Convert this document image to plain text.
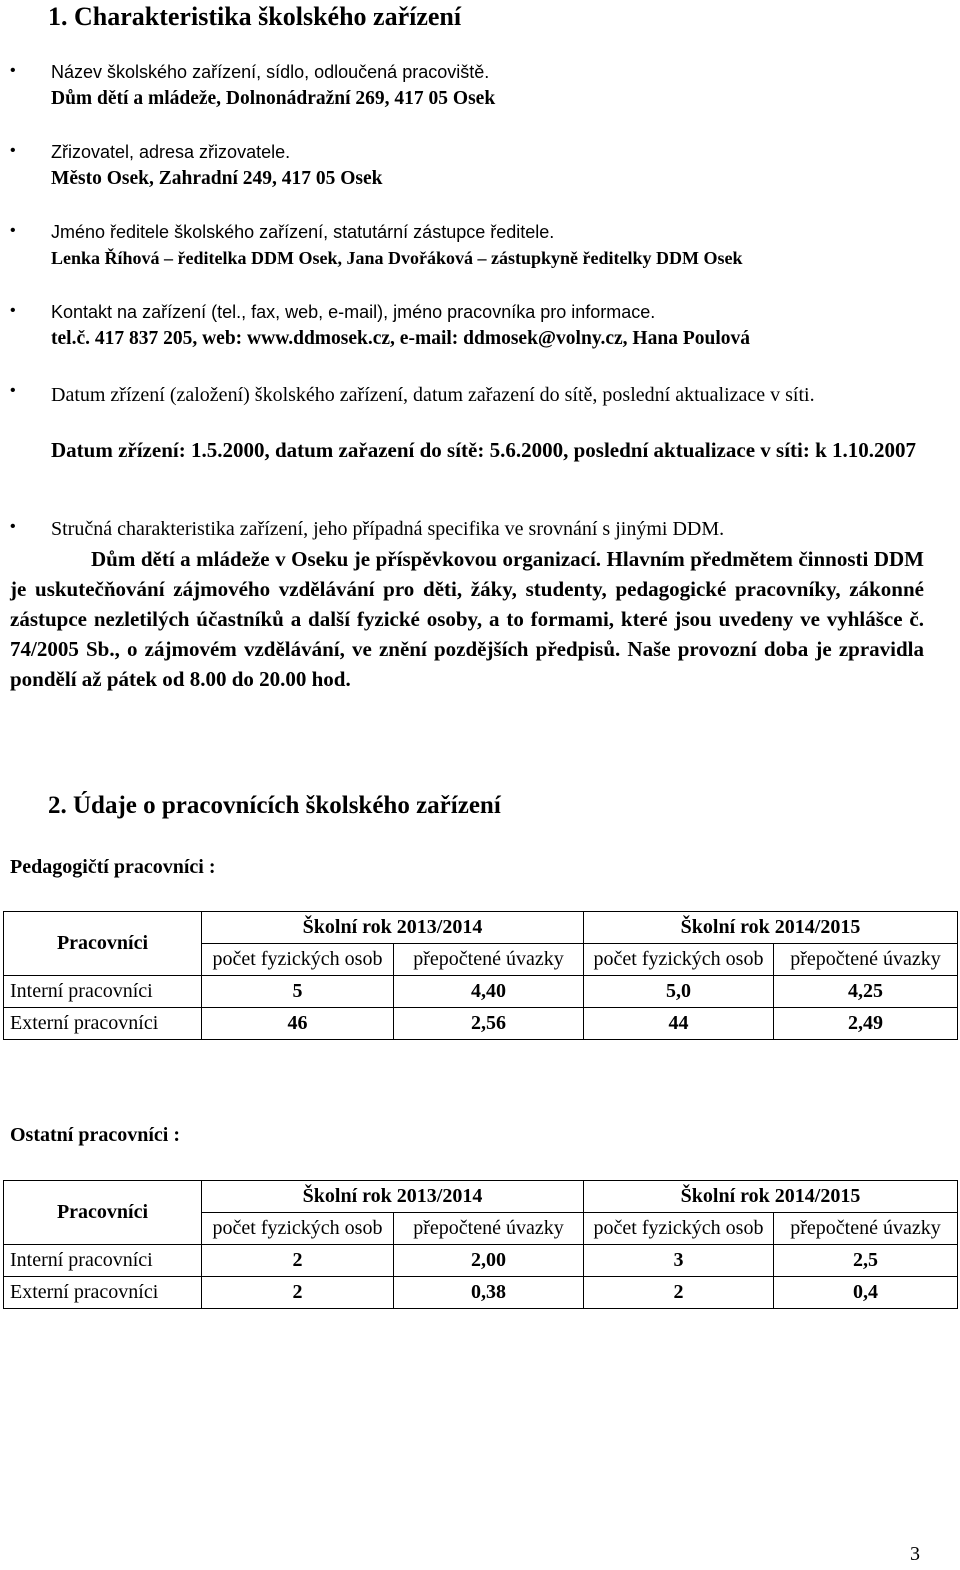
1. Charakteristika školského zařízení
• Název školského zařízení, sídlo, odloučená pracoviště.
Dům dětí a mládeže, Dolnonádražní 269, 417 05 Osek
• Zřizovatel, adresa zřizovatele.
Město Osek, Zahradní 249, 417 05 Osek
• Jméno ředitele školského zařízení, statutární zástupce ředitele.
Lenka Říhová – ředitelka DDM Osek, Jana Dvořáková – zástupkyně ředitelky DDM Osek
• Kontakt na zařízení (tel., fax, web, e-mail), jméno pracovníka pro informace.
tel.č. 417 837 205, web: www.ddmosek.cz, e-mail: ddmosek@volny.cz, Hana Poulová
• Datum zřízení (založení) školského zařízení, datum zařazení do sítě, poslední aktualizace v síti.
Datum zřízení: 1.5.2000, datum zařazení do sítě: 5.6.2000, poslední aktualizace v síti: k 1.10.2007
• Stručná charakteristika zařízení, jeho případná specifika ve srovnání s jinými DDM.
Dům dětí a mládeže v Oseku je příspěvkovou organizací. Hlavním předmětem činnosti DDM je uskutečňování zájmového vzdělávání pro děti, žáky, studenty, pedagogické pracovníky, zákonné zástupce nezletilých účastníků a další fyzické osoby, a to formami, které jsou uvedeny ve vyhlášce č. 74/2005 Sb., o zájmovém vzdělávání, ve znění pozdějších předpisů. Naše provozní doba je zpravidla pondělí až pátek od 8.00 do 20.00 hod.
2. Údaje o pracovnících školského zařízení
Pedagogičtí pracovníci :
Pracovníci	Školní rok 2013/2014		Školní rok 2014/2015	
	počet fyzických osob	přepočtené úvazky	počet fyzických osob	přepočtené úvazky
Interní pracovníci	5	4,40	5,0	4,25
Externí pracovníci	46	2,56	44	2,49
Ostatní pracovníci :
Pracovníci	Školní rok 2013/2014		Školní rok 2014/2015	
	počet fyzických osob	přepočtené úvazky	počet fyzických osob	přepočtené úvazky
Interní pracovníci	2	2,00	3	2,5
Externí pracovníci	2	0,38	2	0,4
3
